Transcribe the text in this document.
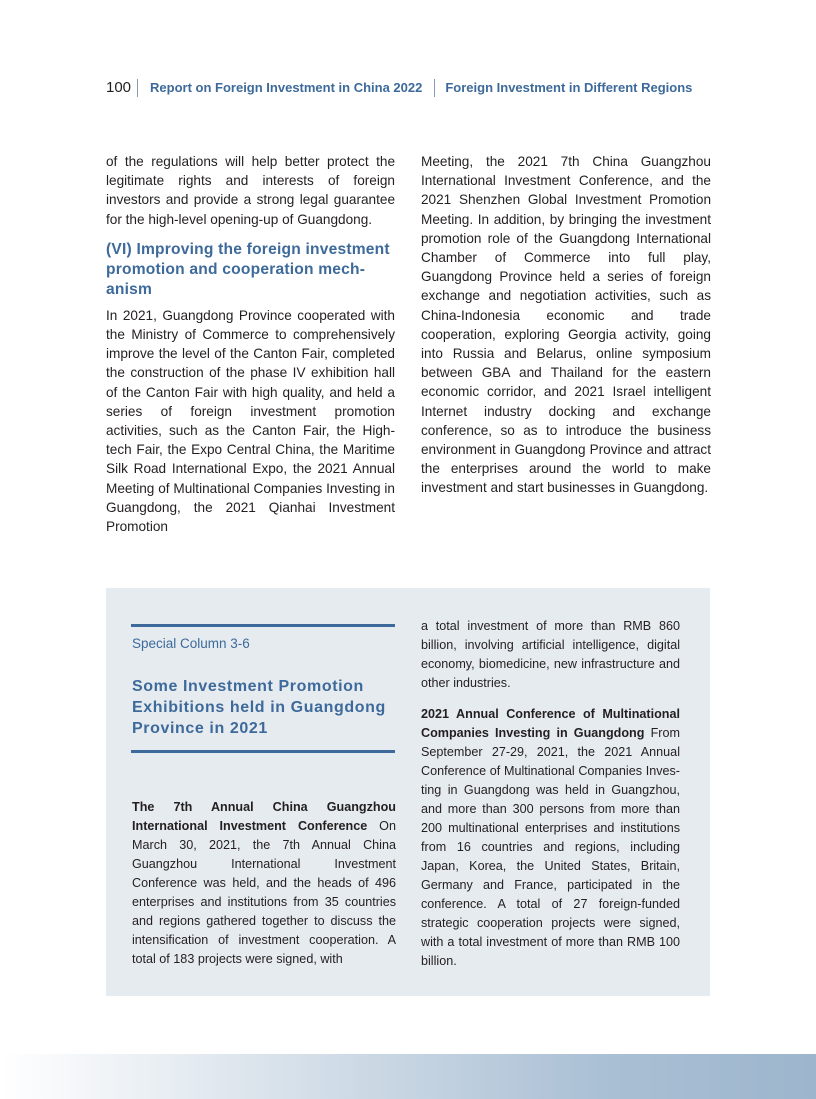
100	Report on Foreign Investment in China 2022	Foreign Investment in Different Regions

of the regulations will help better protect the legitimate rights and interests of foreign investors and provide a strong legal guarantee for the high-level opening-up of Guangdong.

(VI) Improving the foreign investment promotion and cooperation mech-anism

In 2021, Guangdong Province cooperated with the Ministry of Commerce to comprehensively improve the level of the Canton Fair, completed the construction of the phase IV exhibition hall of the Canton Fair with high quality, and held a series of foreign investment promotion activities, such as the Canton Fair, the High-tech Fair, the Expo Central China, the Maritime Silk Road International Expo, the 2021 Annual Meeting of Multinational Companies Investing in Guangdong, the 2021 Qianhai Investment Promotion

Meeting, the 2021 7th China Guangzhou International Investment Conference, and the 2021 Shenzhen Global Investment Promotion Meeting. In addition, by bringing the investment promotion role of the Guangdong International Chamber of Commerce into full play, Guangdong Province held a series of foreign exchange and negotiation activities, such as China-Indonesia economic and trade cooperation, exploring Georgia activity, going into Russia and Belarus, online symposium between GBA and Thailand for the eastern economic corridor, and 2021 Israel intelligent Internet industry docking and exchange conference, so as to introduce the business environment in Guangdong Province and attract the enterprises around the world to make investment and start businesses in Guangdong.

Special Column 3-6
Some Investment Promotion Exhibitions held in Guangdong Province in 2021

The 7th Annual China Guangzhou International Investment Conference On March 30, 2021, the 7th Annual China Guangzhou International Investment Conference was held, and the heads of 496 enterprises and institutions from 35 countries and regions gathered together to discuss the intensification of investment cooperation. A total of 183 projects were signed, with

a total investment of more than RMB 860 billion, involving artificial intelligence, digital economy, biomedicine, new infrastructure and other industries.

2021 Annual Conference of Multinational Companies Investing in Guangdong From September 27-29, 2021, the 2021 Annual Conference of Multinational Companies Inves-ting in Guangdong was held in Guangzhou, and more than 300 persons from more than 200 multinational enterprises and institutions from 16 countries and regions, including Japan, Korea, the United States, Britain, Germany and France, participated in the conference. A total of 27 foreign-funded strategic cooperation projects were signed, with a total investment of more than RMB 100 billion.
